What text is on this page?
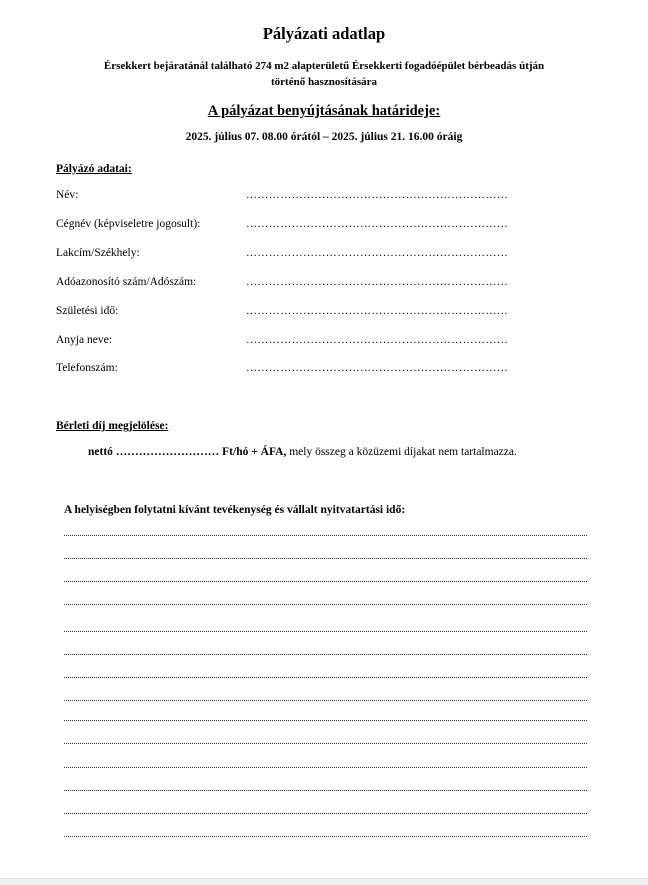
Pályázati adatlap
Érsekkert bejáratánál található 274 m2 alapterületű Érsekkerti fogadóépület bérbeadás útján
történő hasznosítására
A pályázat benyújtásának határideje:
2025. július 07. 08.00 órától – 2025. július 21. 16.00 óráig
Pályázó adatai:
Név:	……………………………………………………………
Cégnév (képviseletre jogosult):	……………………………………………………………
Lakcím/Székhely:	……………………………………………………………
Adóazonosító szám/Adószám:	……………………………………………………………
Születési idő:	……………………………………………………………
Anyja neve:	……………………………………………………………
Telefonszám:	……………………………………………………………
Bérleti díj megjelölése:
nettó ……………………… Ft/hó + ÁFA, mely összeg a közüzemi díjakat nem tartalmazza.
A helyiségben folytatni kívánt tevékenység és vállalt nyitvatartási idő:
